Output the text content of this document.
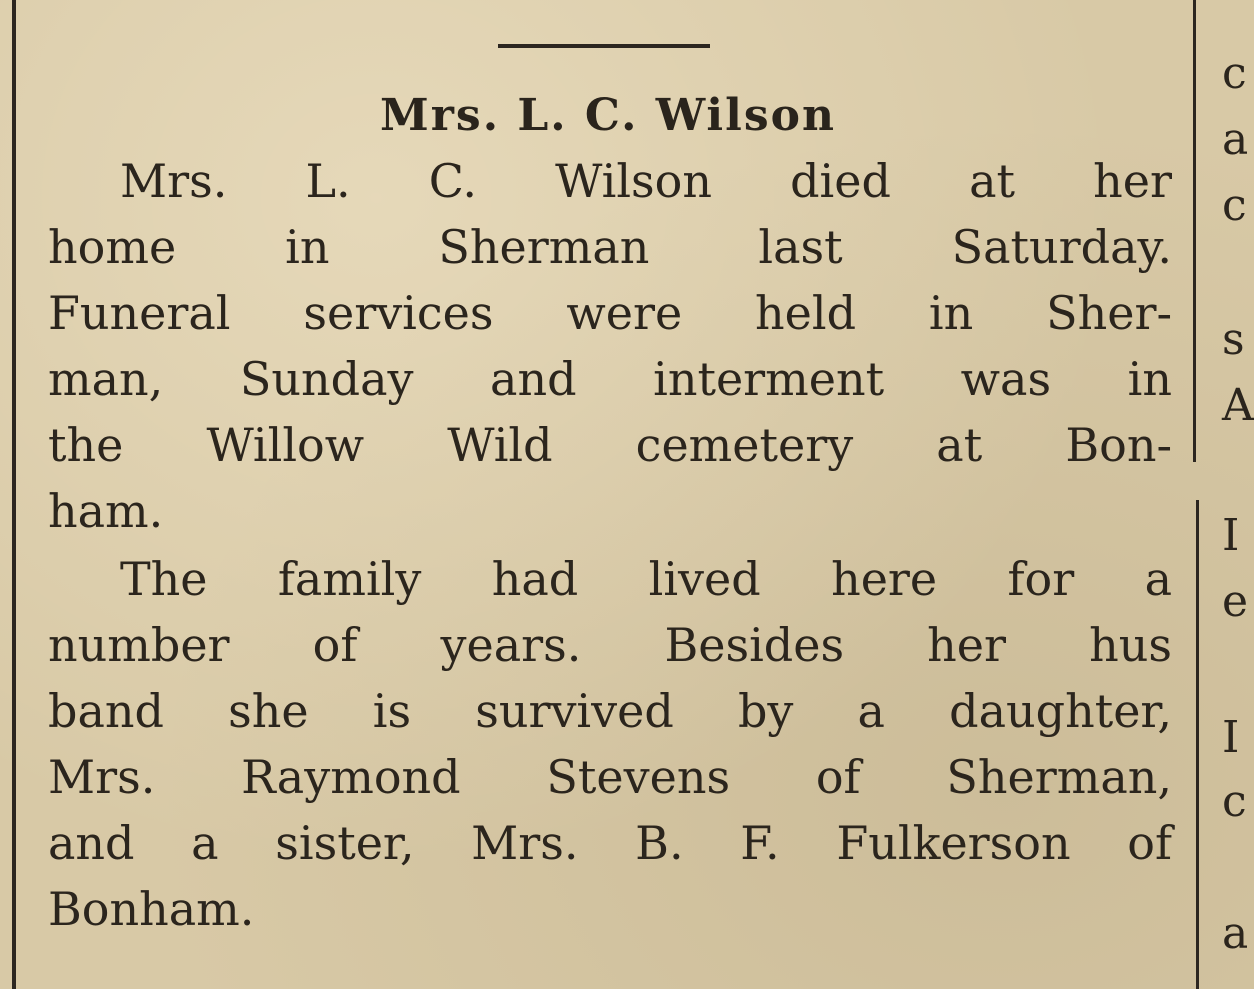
Mrs. L. C. Wilson
Mrs. L. C. Wilson died at her
home in Sherman last Saturday.
Funeral services were held in Sher-
man, Sunday and interment was in
the Willow Wild cemetery at Bon-
ham.
The family had lived here for a
number of years. Besides her hus
band she is survived by a daughter,
Mrs. Raymond Stevens of Sherman,
and a sister, Mrs. B. F. Fulkerson of
Bonham.
c
a
c
s
A
I
e
I
c
a
